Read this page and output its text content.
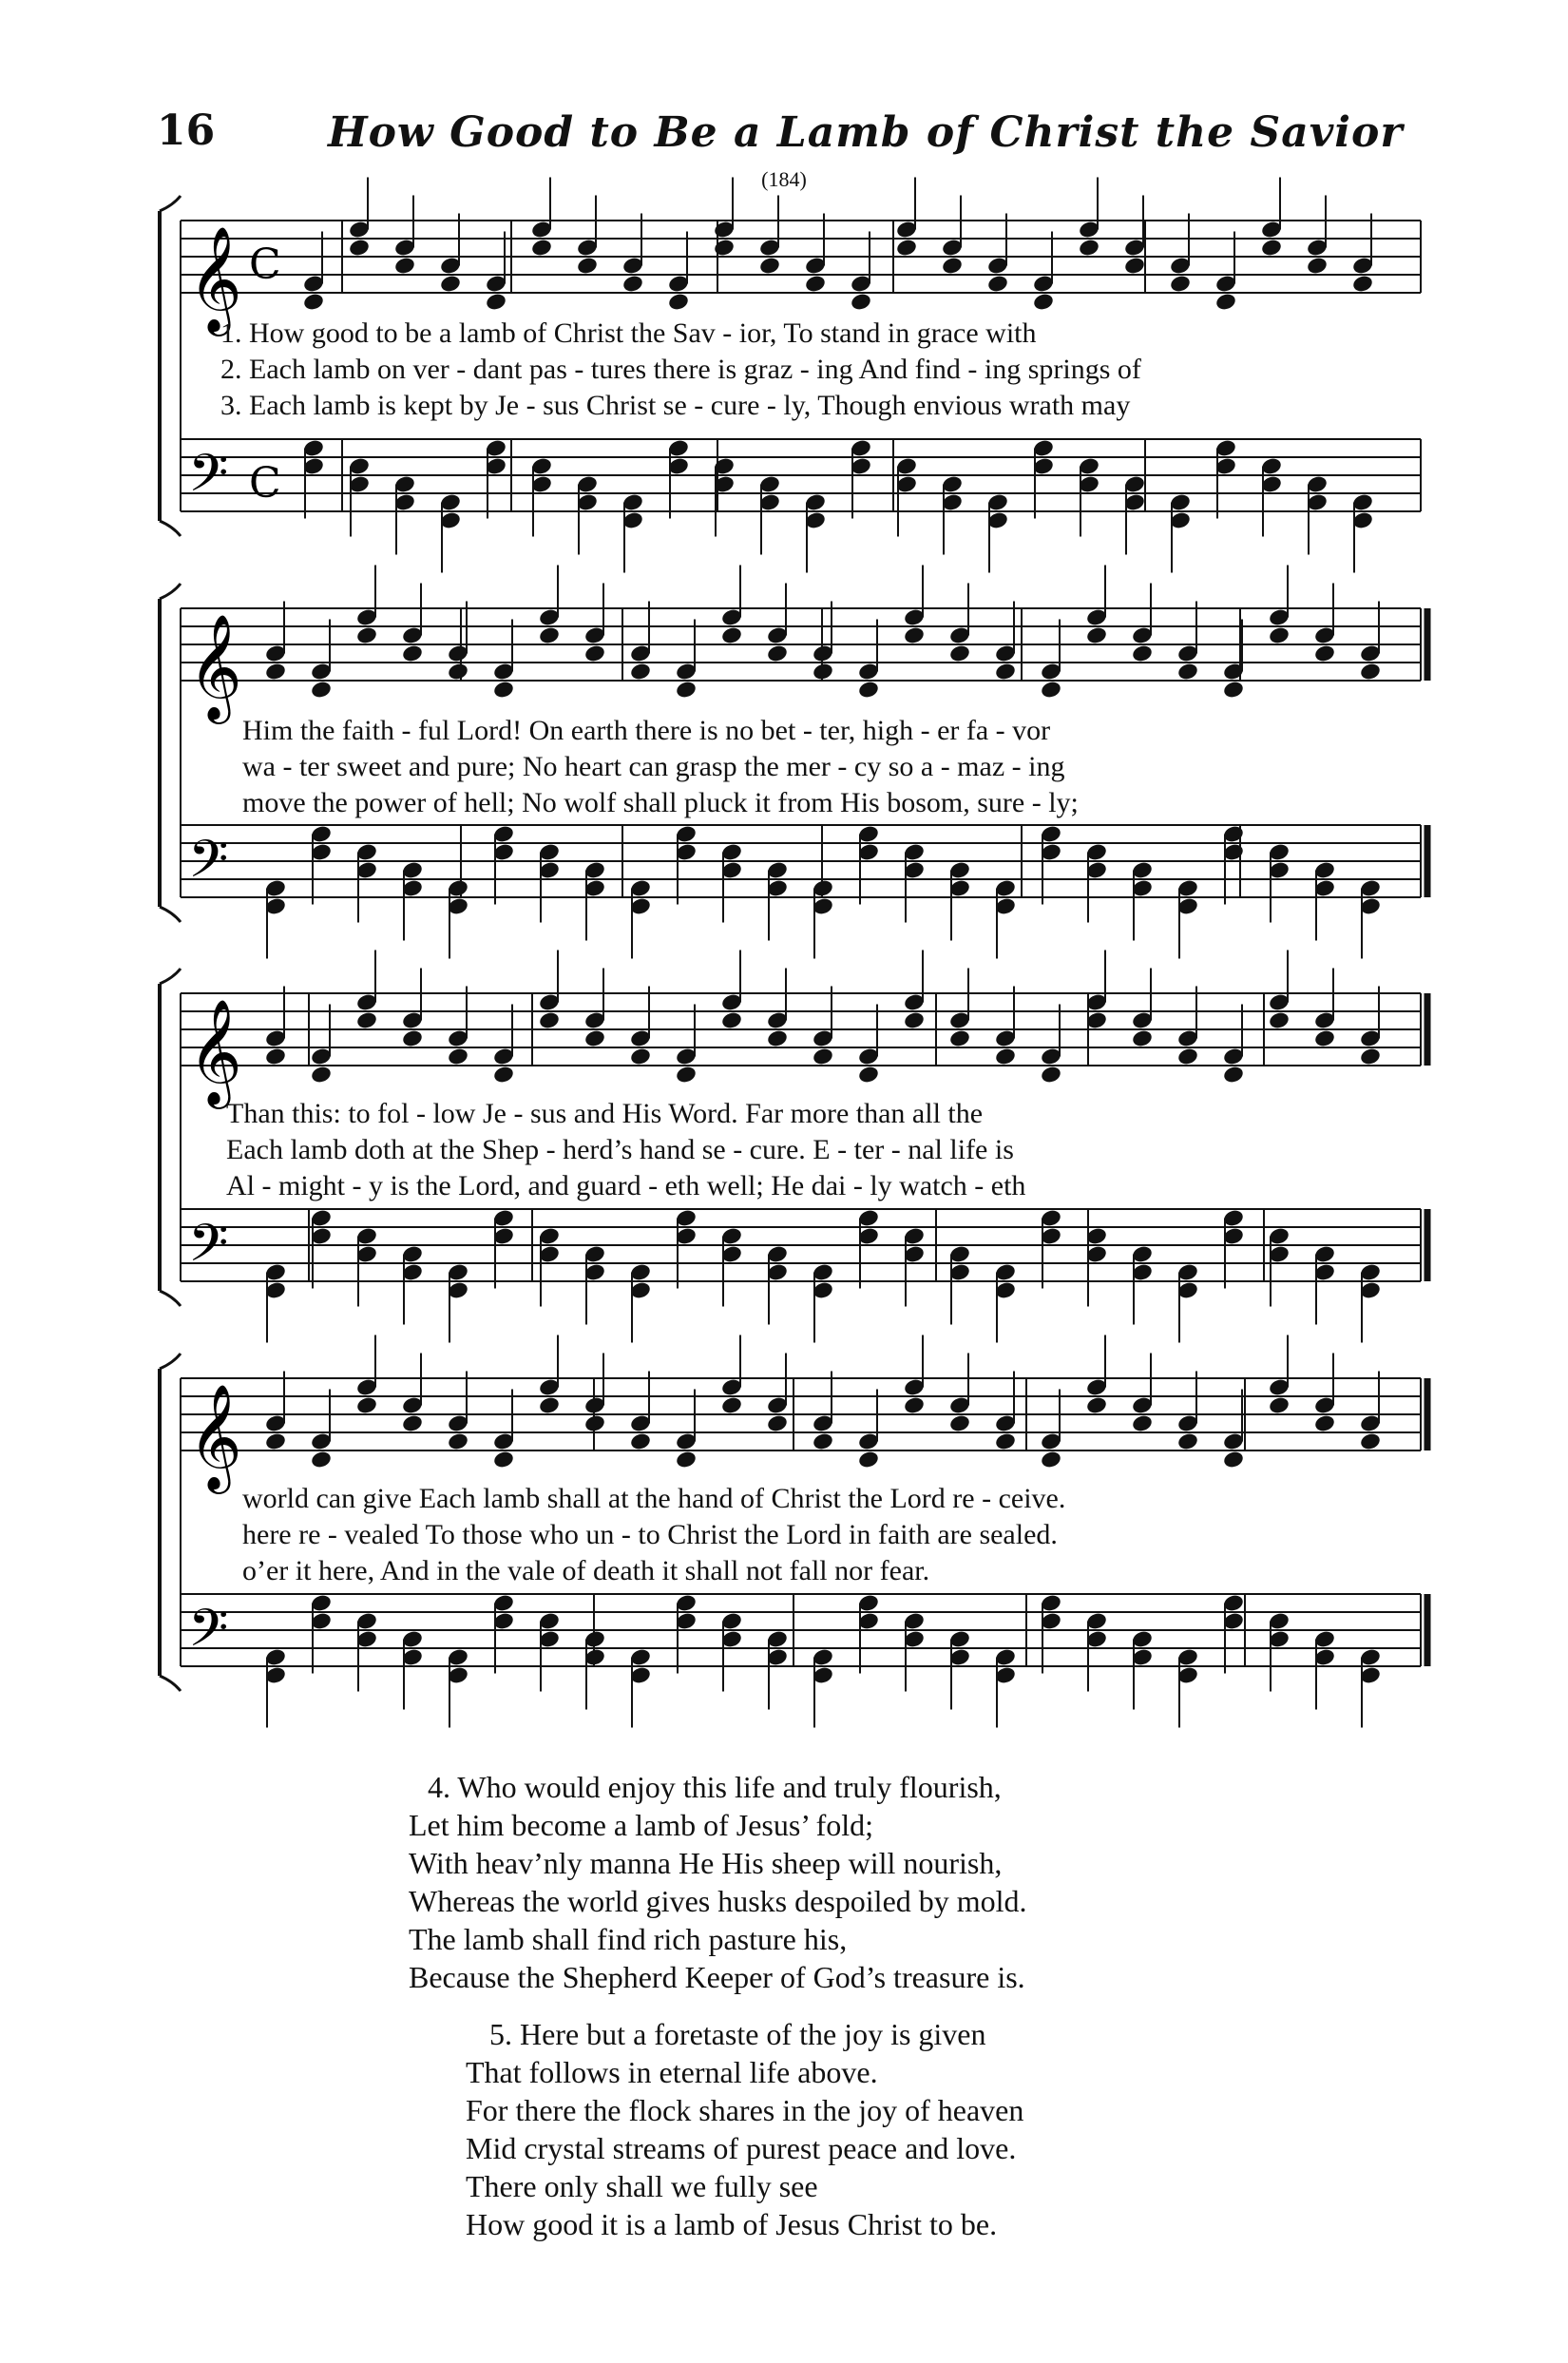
16	How Good to Be a Lamb of Christ the Savior
(184)
𝄞 C
𝄢 C
𝄞
𝄢
𝄞
𝄢
𝄞
𝄢
1. How good to be a lamb of Christ the Sav - ior, To stand in grace with
2. Each lamb on ver - dant pas - tures there is graz - ing And find - ing springs of
3. Each lamb is kept by Je - sus Christ se - cure - ly, Though envious wrath may
Him the faith - ful Lord! On earth there is no bet - ter, high - er fa - vor
wa - ter sweet and pure; No heart can grasp the mer - cy so a - maz - ing
move the power of hell; No wolf shall pluck it from His bosom, sure - ly;
Than this: to fol - low Je - sus and His Word. Far more than all the
Each lamb doth at the Shep - herd’s hand se - cure. E - ter - nal life is
Al - might - y is the Lord, and guard - eth well; He dai - ly watch - eth
world can give Each lamb shall at the hand of Christ the Lord re - ceive.
here re - vealed To those who un - to Christ the Lord in faith are sealed.
o’er it here, And in the vale of death it shall not fall nor fear.
4. Who would enjoy this life and truly flourish,
Let him become a lamb of Jesus’ fold;
With heav’nly manna He His sheep will nourish,
Whereas the world gives husks despoiled by mold.
The lamb shall find rich pasture his,
Because the Shepherd Keeper of God’s treasure is.
5. Here but a foretaste of the joy is given
That follows in eternal life above.
For there the flock shares in the joy of heaven
Mid crystal streams of purest peace and love.
There only shall we fully see
How good it is a lamb of Jesus Christ to be.
